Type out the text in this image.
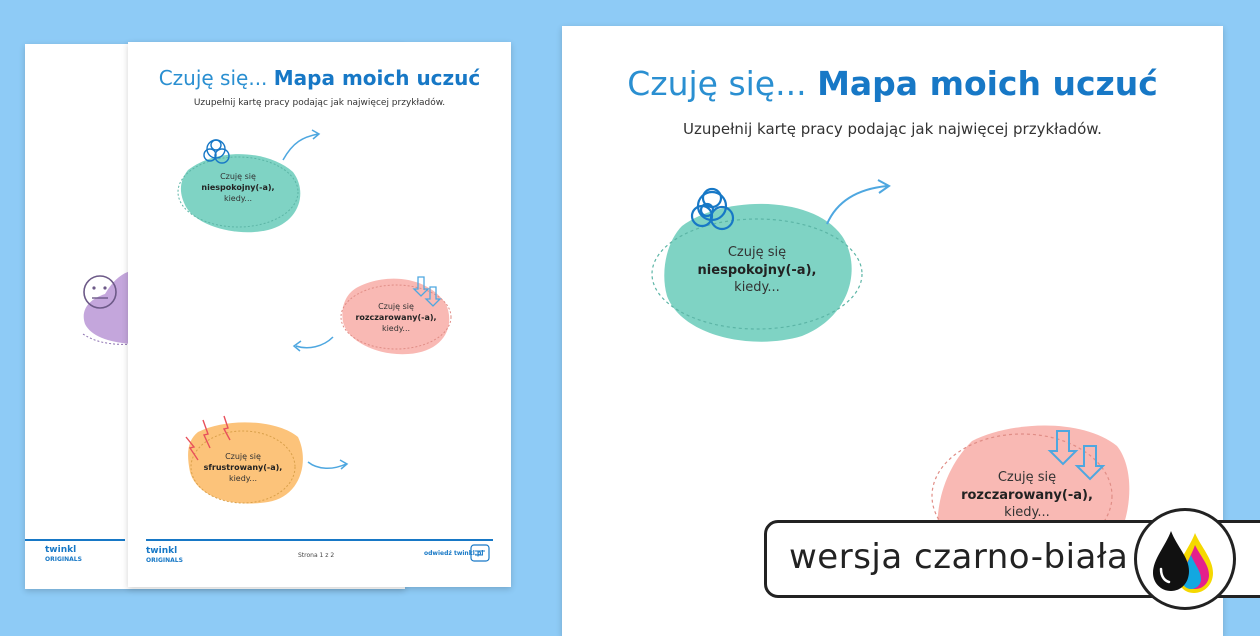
twinkl
ORIGINALS
Czuję się... Mapa moich uczuć
Uzupełnij kartę pracy podając jak najwięcej przykładów.
Czuję się
niespokojny(-a),
kiedy...
Czuję się
rozczarowany(-a),
kiedy...
Czuję się
sfrustrowany(-a),
kiedy...
twinkl
ORIGINALS
Strona 1 z 2	odwiedź twinkl.pl
Czuję się... Mapa moich uczuć
Uzupełnij kartę pracy podając jak najwięcej przykładów.
Czuję się
niespokojny(-a),
kiedy...
Czuję się
rozczarowany(-a),
kiedy...
wersja czarno-biała
